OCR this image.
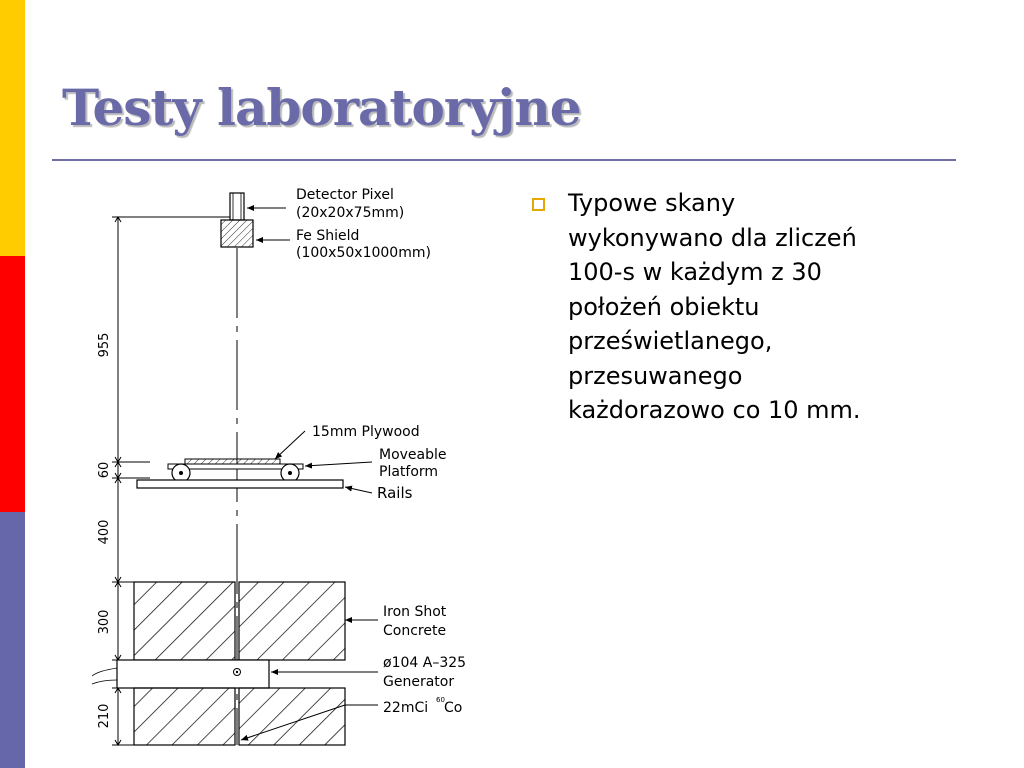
Testy laboratoryjne

Typowe skany
wykonywano dla zliczeń
100-s w każdym z 30
położeń obiektu
prześwietlanego,
przesuwanego
każdorazowo co 10 mm.

955
60
400
300
210
Detector Pixel
(20x20x75mm)
Fe Shield
(100x50x1000mm)
15mm Plywood
Moveable
Platform
Rails
Iron Shot
Concrete
ø104 A–325
Generator
22mCi 60 Co
